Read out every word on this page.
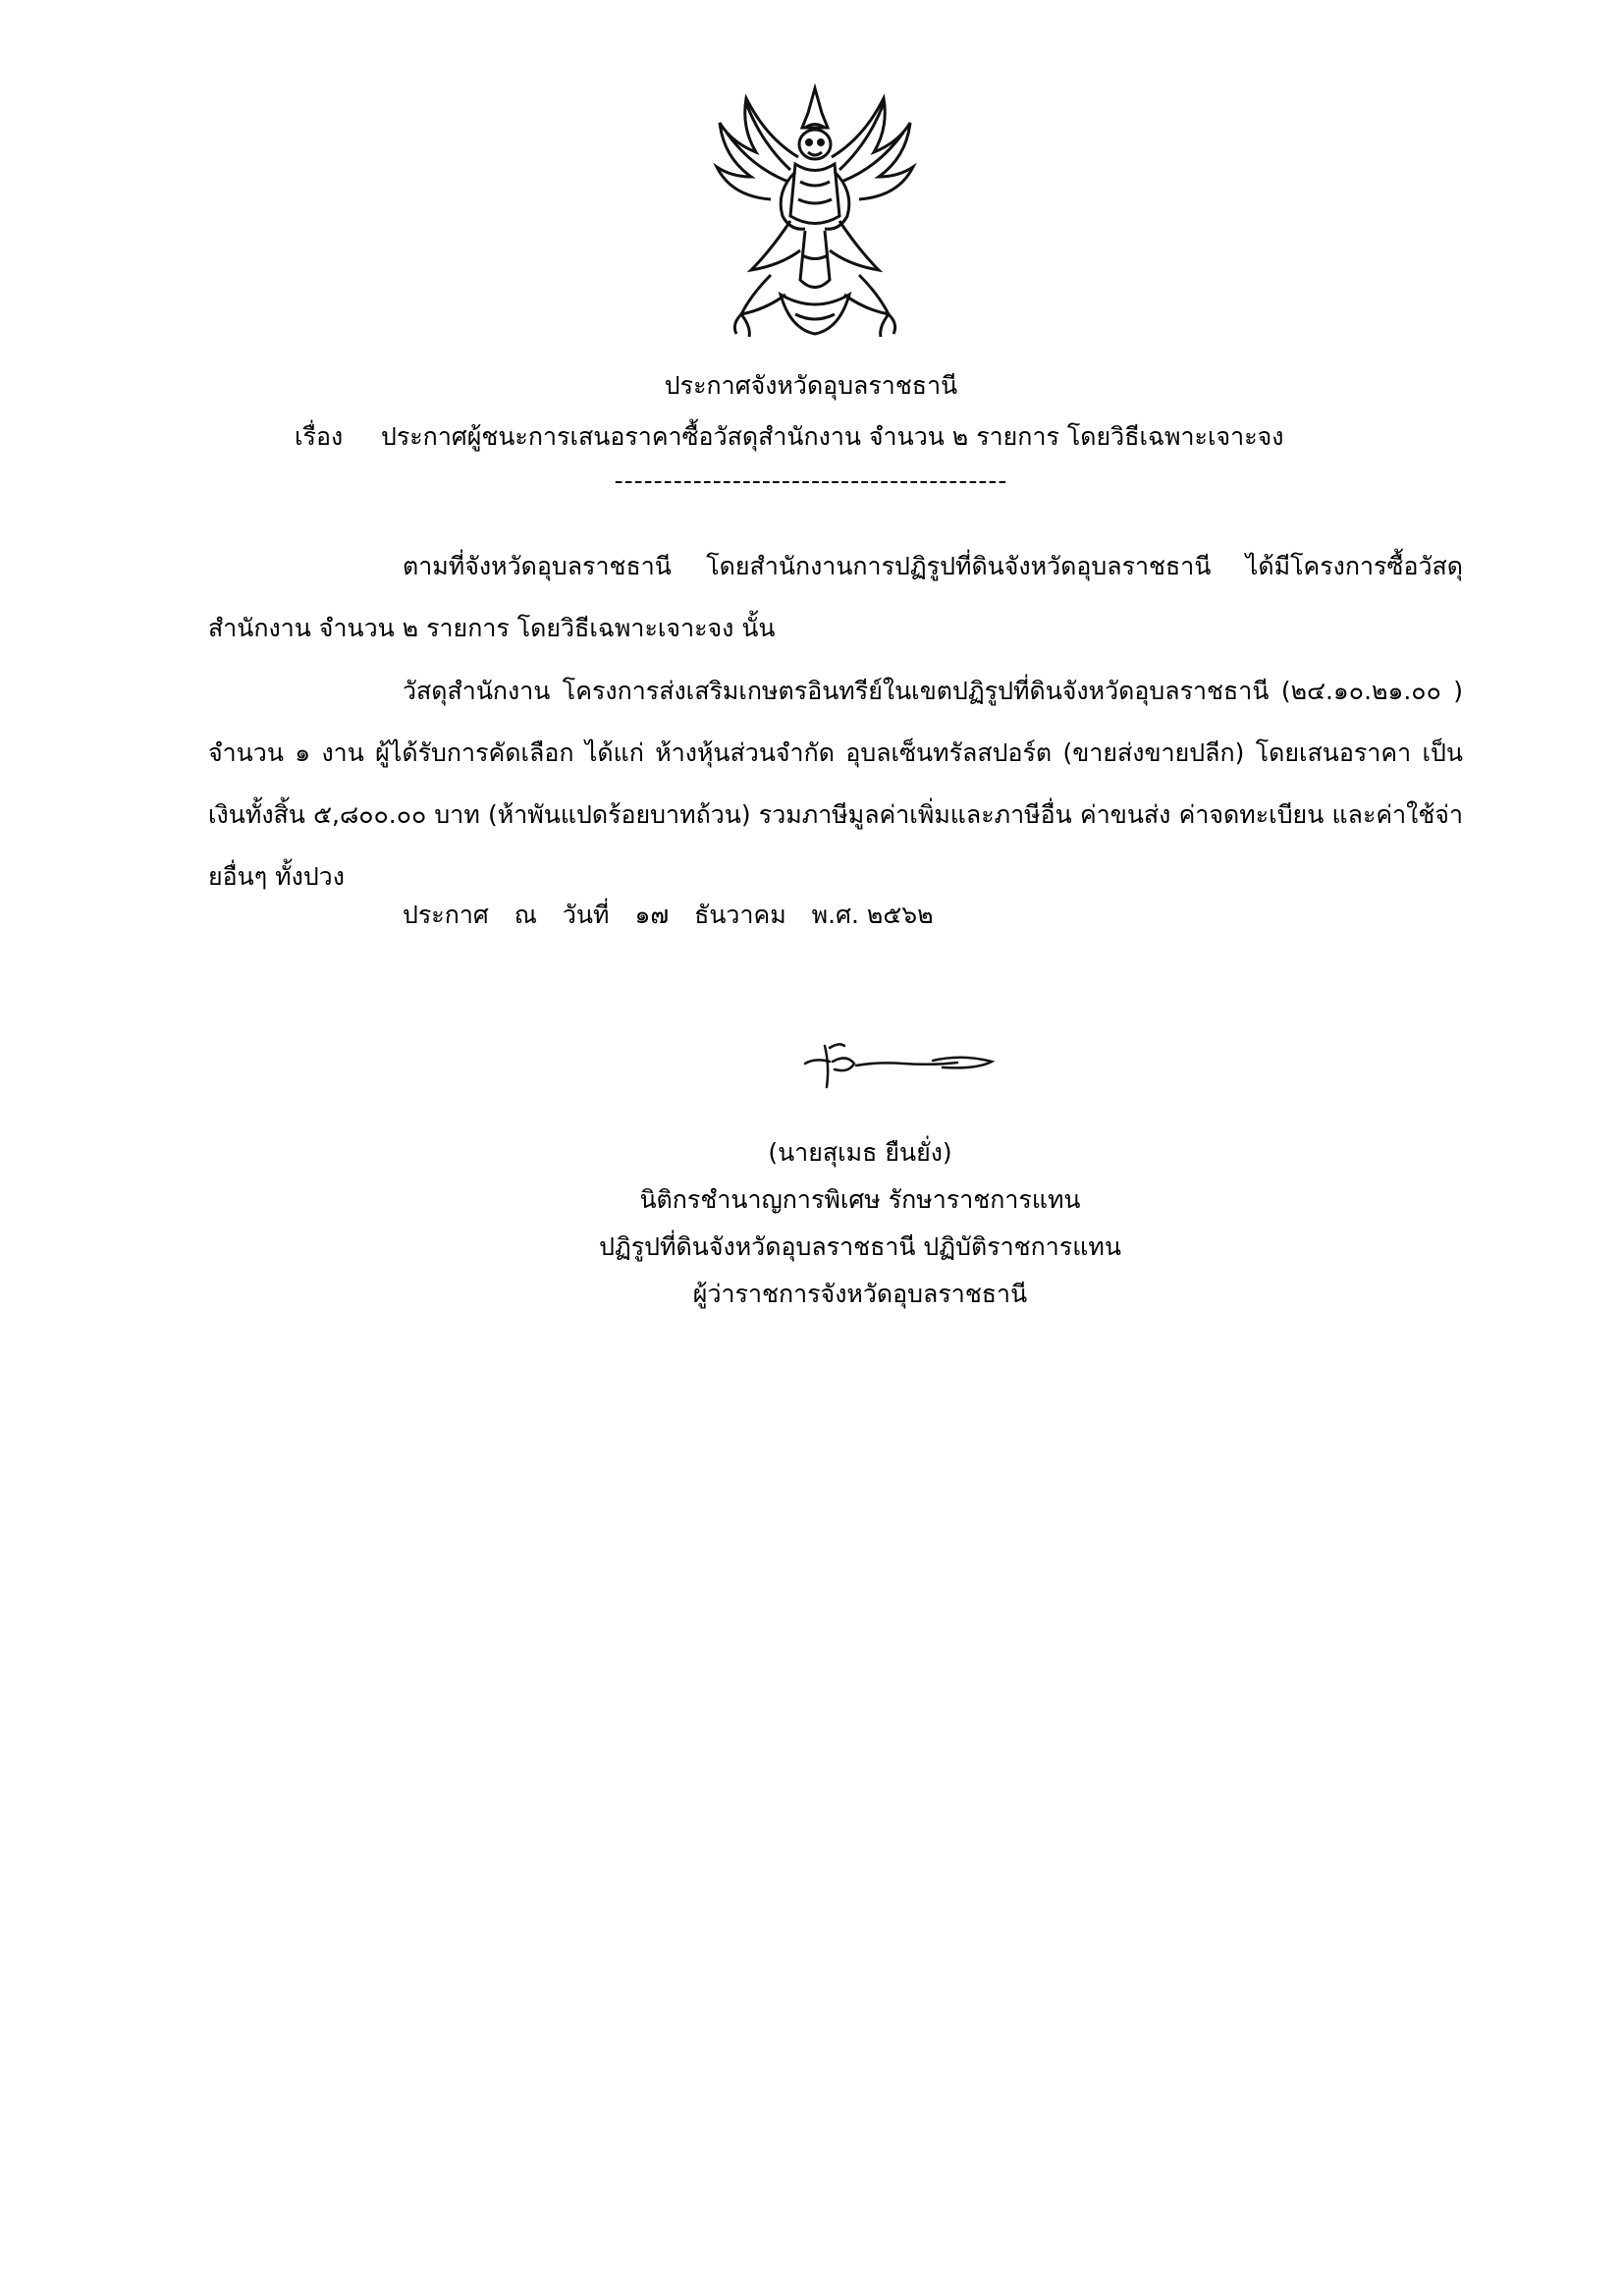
ประกาศจังหวัดอุบลราชธานี
เรื่อง ประกาศผู้ชนะการเสนอราคาซื้อวัสดุสำนักงาน จำนวน ๒ รายการ โดยวิธีเฉพาะเจาะจง
----------------------------------------
ตามที่จังหวัดอุบลราชธานี โดยสำนักงานการปฏิรูปที่ดินจังหวัดอุบลราชธานี ได้มีโครงการซื้อวัสดุสำนักงาน จำนวน ๒ รายการ โดยวิธีเฉพาะเจาะจง นั้น
วัสดุสำนักงาน โครงการส่งเสริมเกษตรอินทรีย์ในเขตปฏิรูปที่ดินจังหวัดอุบลราชธานี (๒๔.๑๐.๒๑.๐๐ ) จำนวน ๑ งาน ผู้ได้รับการคัดเลือก ได้แก่ ห้างหุ้นส่วนจำกัด อุบลเซ็นทรัลสปอร์ต (ขายส่งขายปลีก) โดยเสนอราคา เป็นเงินทั้งสิ้น ๕,๘๐๐.๐๐ บาท (ห้าพันแปดร้อยบาทถ้วน) รวมภาษีมูลค่าเพิ่มและภาษีอื่น ค่าขนส่ง ค่าจดทะเบียน และค่าใช้จ่ายอื่นๆ ทั้งปวง
ประกาศ ณ วันที่ ๑๗ ธันวาคม พ.ศ. ๒๕๖๒
(นายสุเมธ ยืนยั่ง)
นิติกรชำนาญการพิเศษ รักษาราชการแทน
ปฏิรูปที่ดินจังหวัดอุบลราชธานี ปฏิบัติราชการแทน
ผู้ว่าราชการจังหวัดอุบลราชธานี
